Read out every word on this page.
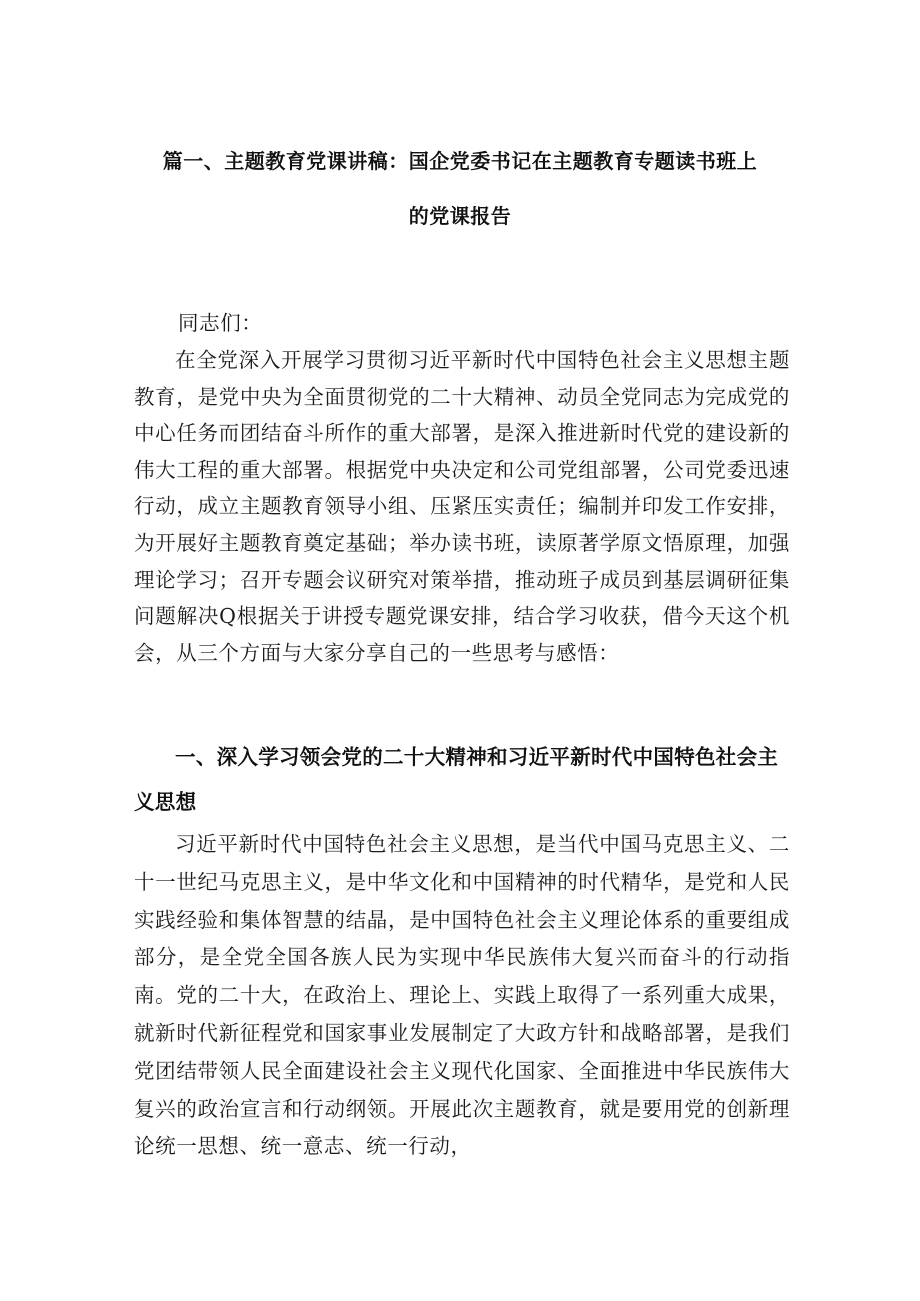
篇一、主题教育党课讲稿：国企党委书记在主题教育专题读书班上
的党课报告
同志们：

在全党深入开展学习贯彻习近平新时代中国特色社会主义思想主题教育，是党中央为全面贯彻党的二十大精神、动员全党同志为完成党的中心任务而团结奋斗所作的重大部署，是深入推进新时代党的建设新的伟大工程的重大部署。根据党中央决定和公司党组部署，公司党委迅速行动，成立主题教育领导小组、压紧压实责任；编制并印发工作安排，为开展好主题教育奠定基础；举办读书班，读原著学原文悟原理，加强理论学习；召开专题会议研究对策举措，推动班子成员到基层调研征集问题解决Q根据关于讲授专题党课安排，结合学习收获，借今天这个机会，从三个方面与大家分享自己的一些思考与感悟：

一、深入学习领会党的二十大精神和习近平新时代中国特色社会主义思想

习近平新时代中国特色社会主义思想，是当代中国马克思主义、二十一世纪马克思主义，是中华文化和中国精神的时代精华，是党和人民实践经验和集体智慧的结晶，是中国特色社会主义理论体系的重要组成部分，是全党全国各族人民为实现中华民族伟大复兴而奋斗的行动指南。党的二十大，在政治上、理论上、实践上取得了一系列重大成果，就新时代新征程党和国家事业发展制定了大政方针和战略部署，是我们党团结带领人民全面建设社会主义现代化国家、全面推进中华民族伟大复兴的政治宣言和行动纲领。开展此次主题教育，就是要用党的创新理论统一思想、统一意志、统一行动，
